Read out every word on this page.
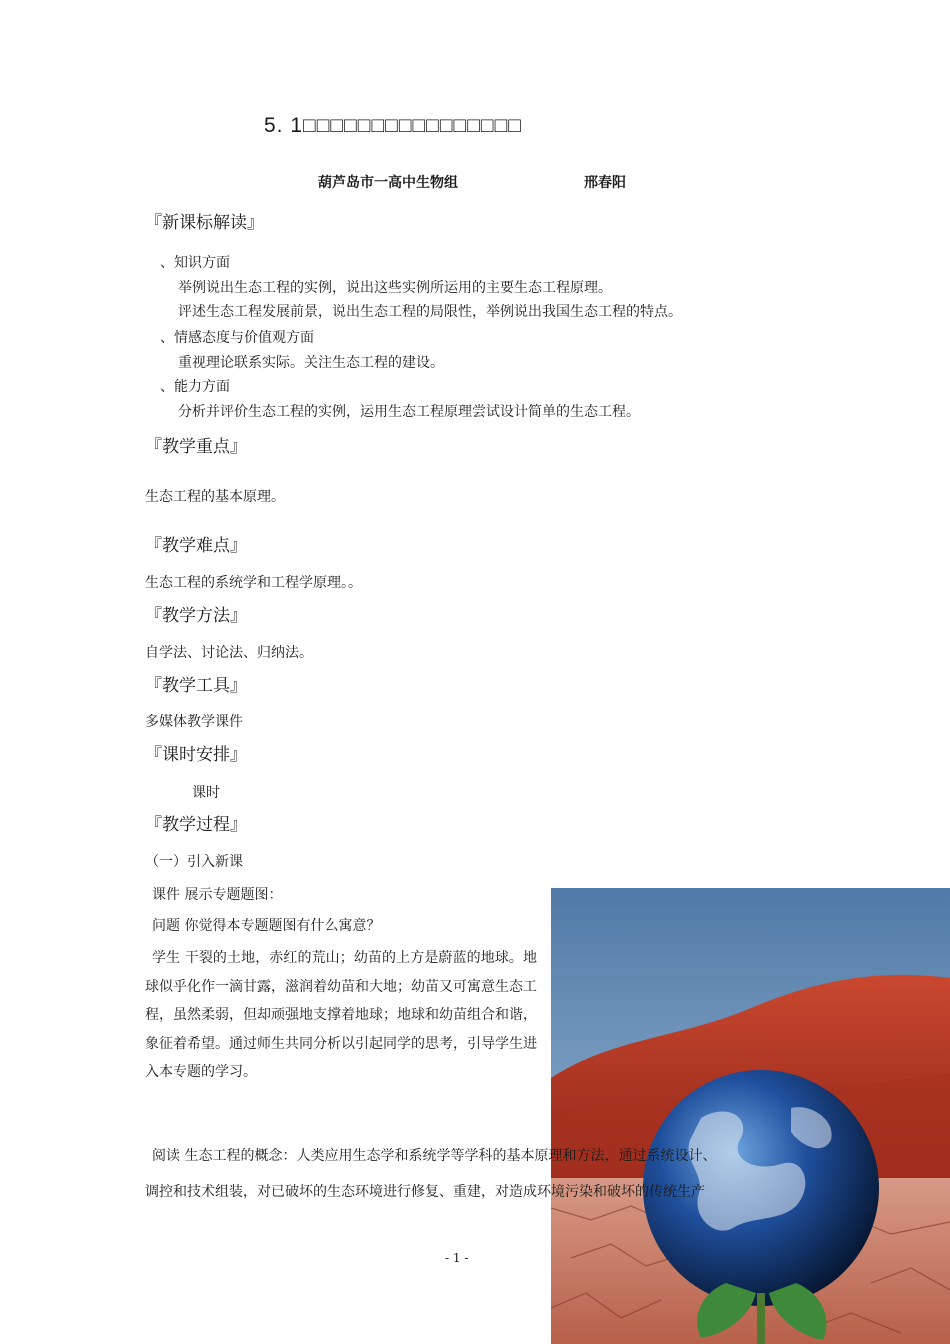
5. 1□□□□□□□□□□□□□□□□
葫芦岛市一高中生物组	邢春阳
『新课标解读』
、知识方面
举例说出生态工程的实例，说出这些实例所运用的主要生态工程原理。
评述生态工程发展前景，说出生态工程的局限性，举例说出我国生态工程的特点。
、情感态度与价值观方面
重视理论联系实际。关注生态工程的建设。
、能力方面
分析并评价生态工程的实例，运用生态工程原理尝试设计简单的生态工程。
『教学重点』
生态工程的基本原理。
『教学难点』
生态工程的系统学和工程学原理。。
『教学方法』
自学法、讨论法、归纳法。
『教学工具』
多媒体教学课件
『课时安排』
课时
『教学过程』
（一）引入新课
课件 展示专题题图：
问题 你觉得本专题题图有什么寓意？
学生 干裂的土地，赤红的荒山；幼苗的上方是蔚蓝的地球。地球似乎化作一滴甘露，滋润着幼苗和大地；幼苗又可寓意生态工程，虽然柔弱，但却顽强地支撑着地球；地球和幼苗组合和谐，象征着希望。通过师生共同分析以引起同学的思考，引导学生进入本专题的学习。
阅读 生态工程的概念：人类应用生态学和系统学等学科的基本原理和方法，通过系统设计、
调控和技术组装，对已破坏的生态环境进行修复、重建，对造成环境污染和破坏的传统生产
- 1 -
